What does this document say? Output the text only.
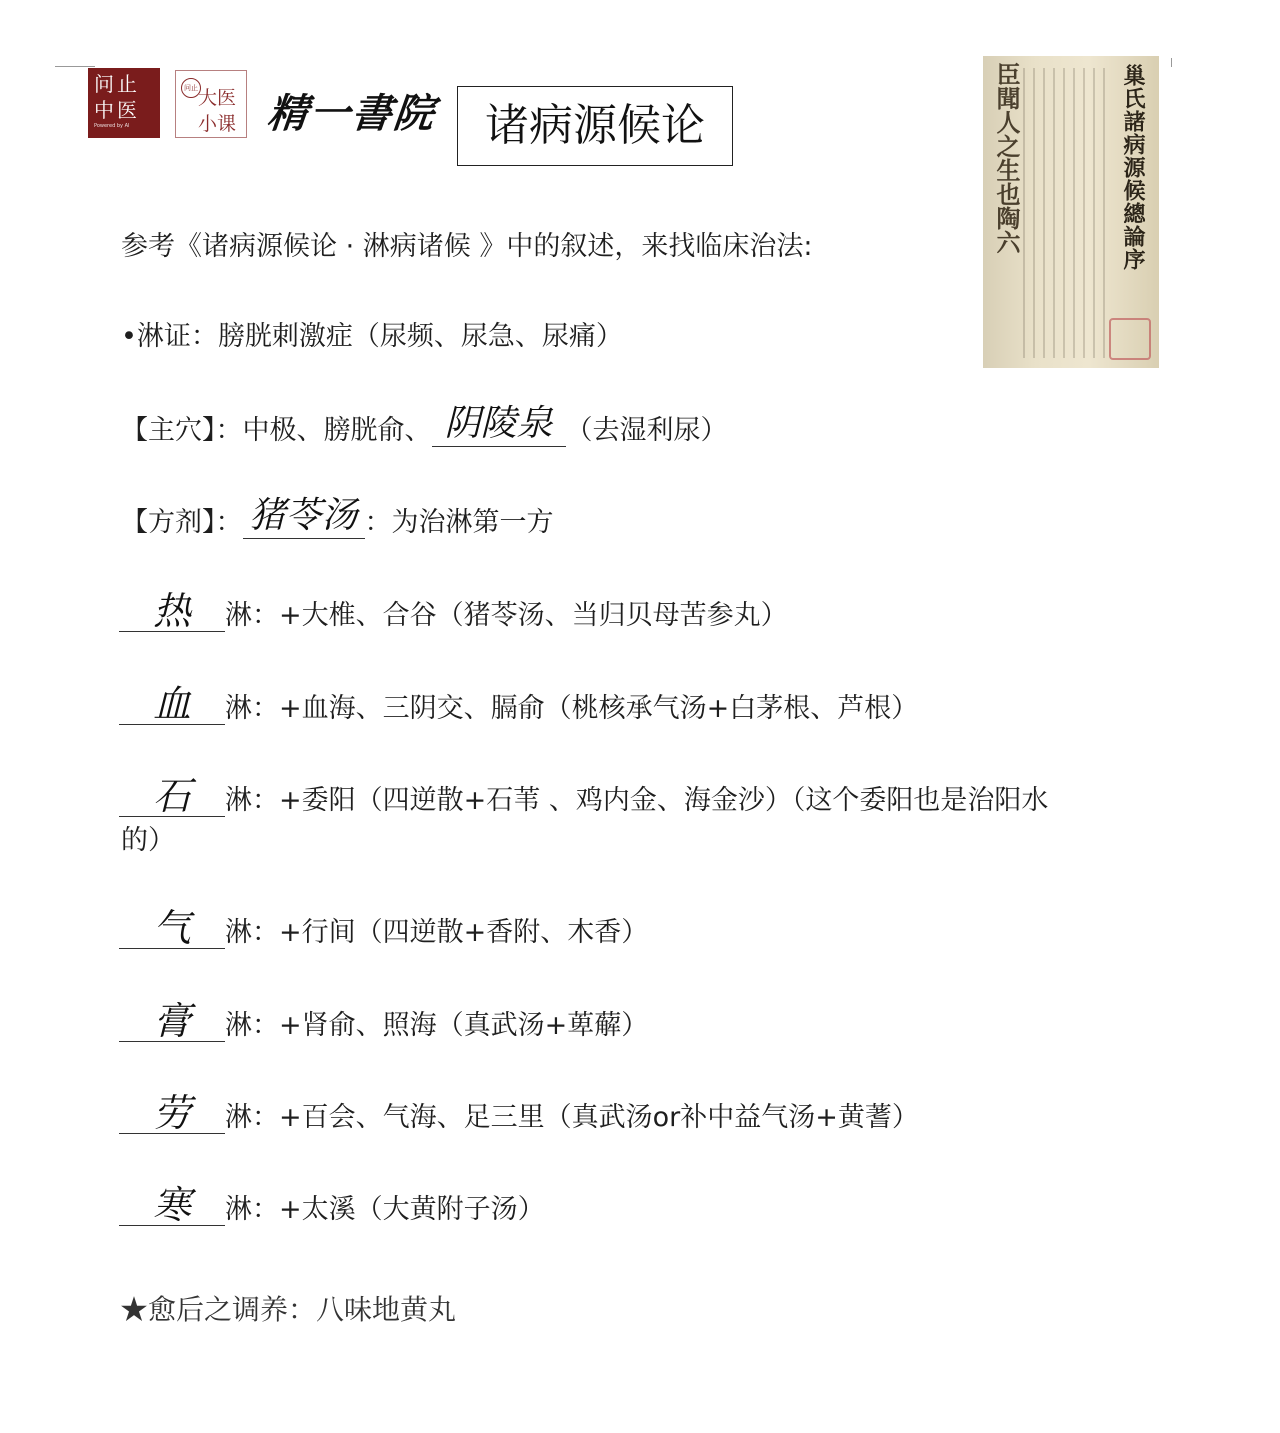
问止
中医
Powered by AI
问止 大医
小课 精一書院	诸病源候论	巢氏諸病源候總論序
臣聞人之生也陶六
参考《诸病源候论 · 淋病诸候 》中的叙述，来找临床治法:
•淋证：膀胱刺激症（尿频、尿急、尿痛）
【主穴】：中极、膀胱俞、 阴陵泉 （去湿利尿）
【方剂】： 猪苓汤 ：为治淋第一方
热	淋：+大椎、合谷（猪苓汤、当归贝母苦参丸）
血	淋：+血海、三阴交、膈俞（桃核承气汤+白茅根、芦根）
石	淋：+委阳（四逆散+石苇 、鸡内金、海金沙）（这个委阳也是治阳水
的）
气	淋：+行间（四逆散+香附、木香）
膏	淋：+肾俞、照海（真武汤+萆薢）
劳	淋：+百会、气海、足三里（真武汤or补中益气汤+黄蓍）
寒	淋：+太溪（大黄附子汤）
★愈后之调养：八味地黄丸
